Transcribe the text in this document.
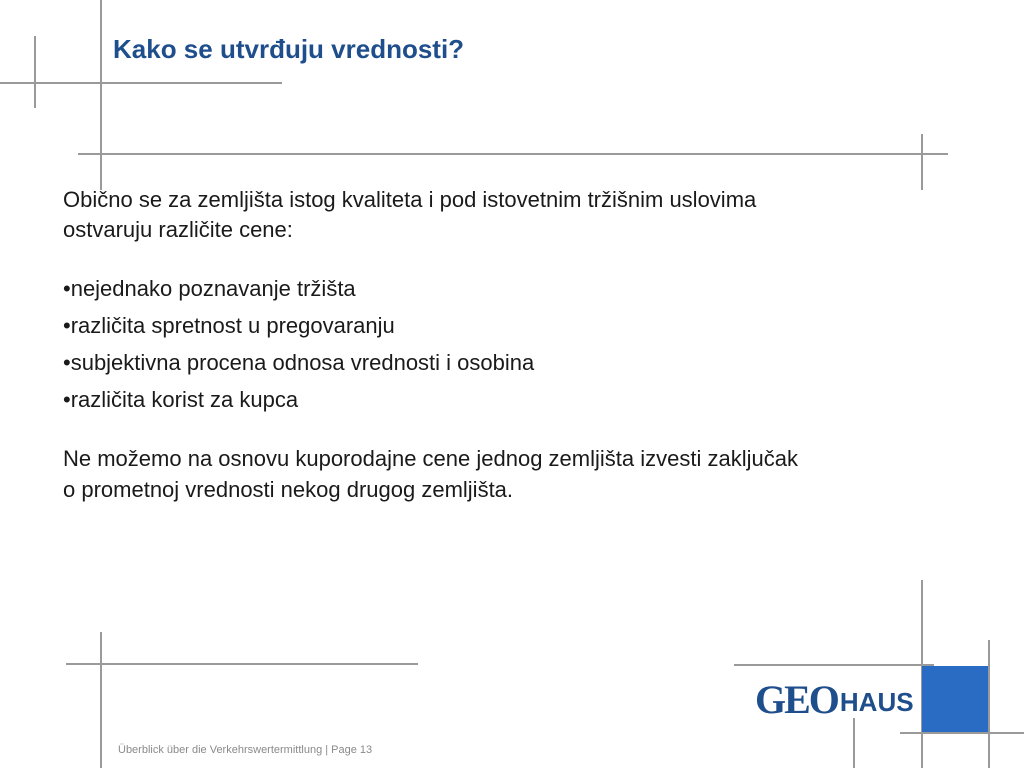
Kako se utvrđuju vrednosti?

Obično se za zemljišta istog kvaliteta i pod istovetnim tržišnim uslovima
ostvaruju različite cene:

•nejednako poznavanje tržišta
•različita spretnost u pregovaranju
•subjektivna procena odnosa vrednosti i osobina
•različita korist za kupca

Ne možemo na osnovu kuporodajne cene jednog zemljišta izvesti zaključak
o prometnoj vrednosti nekog drugog zemljišta.

Überblick über die Verkehrswertermittlung | Page 13
GEO HAUS
